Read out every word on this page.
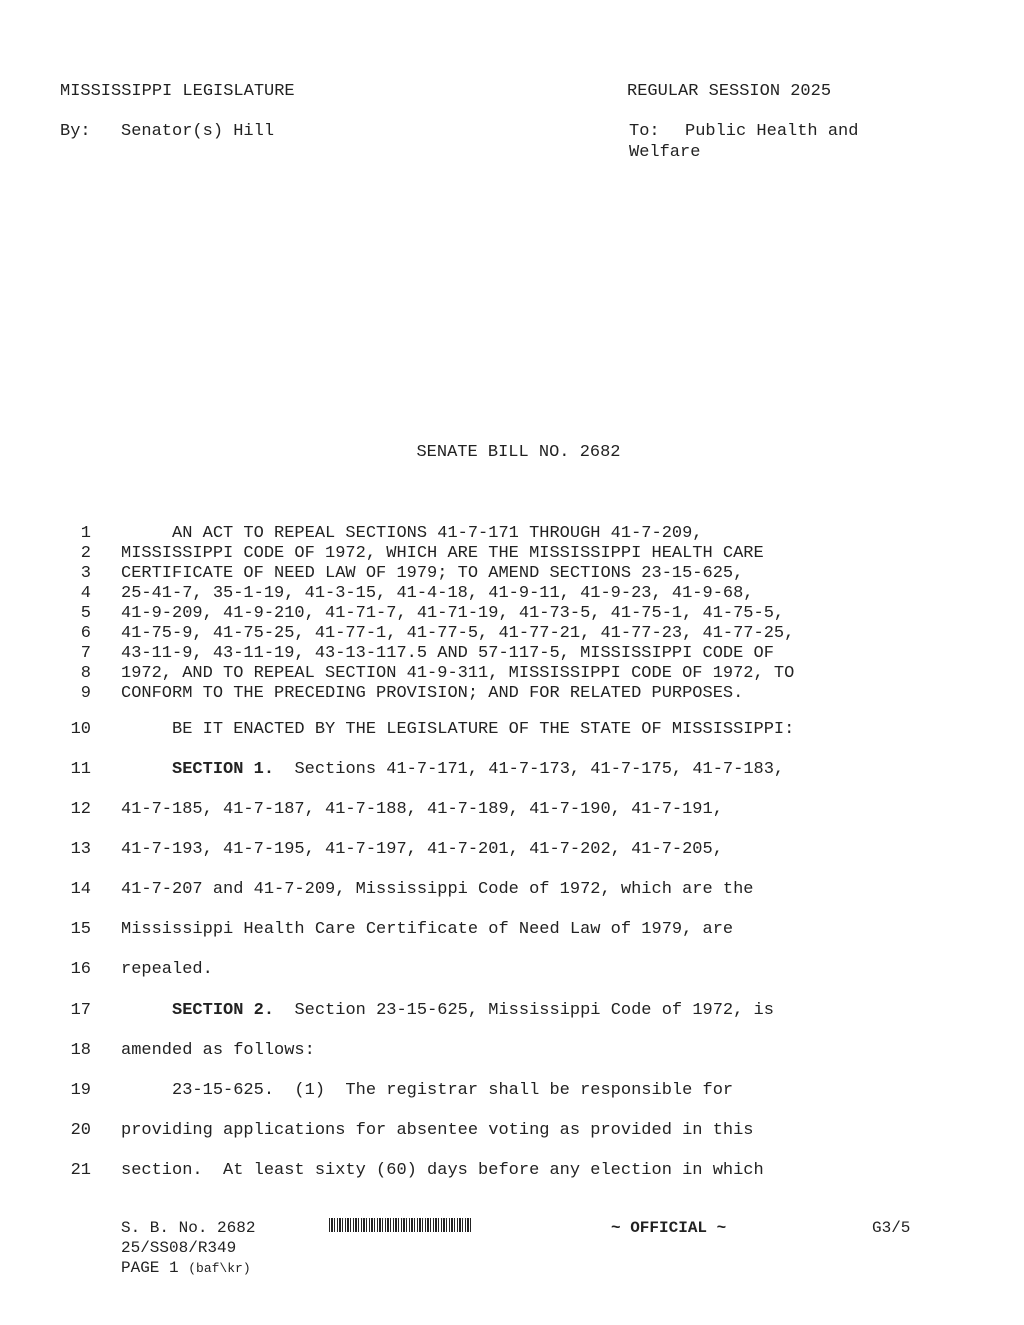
MISSISSIPPI LEGISLATURE	REGULAR SESSION 2025
By: Senator(s) Hill	To: Public Health and
Welfare
SENATE BILL NO. 2682
1 AN ACT TO REPEAL SECTIONS 41-7-171 THROUGH 41-7-209,
2 MISSISSIPPI CODE OF 1972, WHICH ARE THE MISSISSIPPI HEALTH CARE
3 CERTIFICATE OF NEED LAW OF 1979; TO AMEND SECTIONS 23-15-625,
4 25-41-7, 35-1-19, 41-3-15, 41-4-18, 41-9-11, 41-9-23, 41-9-68,
5 41-9-209, 41-9-210, 41-71-7, 41-71-19, 41-73-5, 41-75-1, 41-75-5,
6 41-75-9, 41-75-25, 41-77-1, 41-77-5, 41-77-21, 41-77-23, 41-77-25,
7 43-11-9, 43-11-19, 43-13-117.5 AND 57-117-5, MISSISSIPPI CODE OF
8 1972, AND TO REPEAL SECTION 41-9-311, MISSISSIPPI CODE OF 1972, TO
9 CONFORM TO THE PRECEDING PROVISION; AND FOR RELATED PURPOSES.
10 BE IT ENACTED BY THE LEGISLATURE OF THE STATE OF MISSISSIPPI:
11	SECTION 1.  Sections 41-7-171, 41-7-173, 41-7-175, 41-7-183,
12 41-7-185, 41-7-187, 41-7-188, 41-7-189, 41-7-190, 41-7-191,
13 41-7-193, 41-7-195, 41-7-197, 41-7-201, 41-7-202, 41-7-205,
14 41-7-207 and 41-7-209, Mississippi Code of 1972, which are the
15 Mississippi Health Care Certificate of Need Law of 1979, are
16 repealed.
17	SECTION 2.  Section 23-15-625, Mississippi Code of 1972, is
18 amended as follows:
19 23-15-625.  (1)  The registrar shall be responsible for
20 providing applications for absentee voting as provided in this
21 section.  At least sixty (60) days before any election in which
S. B. No. 2682	~ OFFICIAL ~	G3/5
25/SS08/R349
PAGE 1 (baf\kr)
